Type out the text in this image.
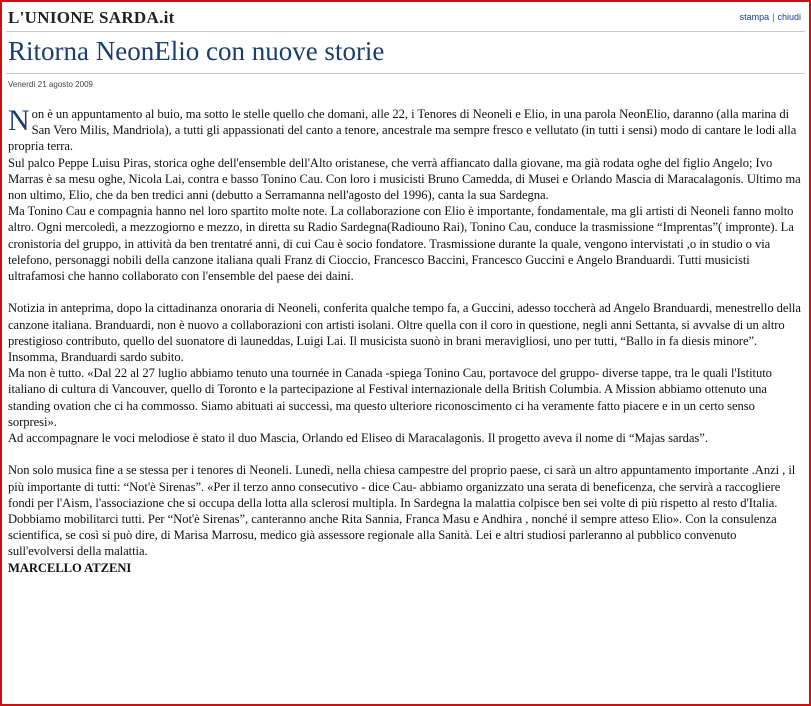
L'UNIONE SARDA.it	stampa | chiudi
Ritorna NeonElio con nuove storie
Venerdì 21 agosto 2009

Non è un appuntamento al buio, ma sotto le stelle quello che domani, alle 22, i Tenores di Neoneli e Elio, in una parola NeonElio, daranno (alla marina di San Vero Milis, Mandriola), a tutti gli appassionati del canto a tenore, ancestrale ma sempre fresco e vellutato (in tutti i sensi) modo di cantare le lodi alla propria terra.

Sul palco Peppe Luisu Piras, storica oghe dell'ensemble dell'Alto oristanese, che verrà affiancato dalla giovane, ma già rodata oghe del figlio Angelo; Ivo Marras è sa mesu oghe, Nicola Lai, contra e basso Tonino Cau. Con loro i musicisti Bruno Camedda, di Musei e Orlando Mascia di Maracalagonis. Ultimo ma non ultimo, Elio, che da ben tredici anni (debutto a Serramanna nell'agosto del 1996), canta la sua Sardegna.

Ma Tonino Cau e compagnia hanno nel loro spartito molte note. La collaborazione con Elio è importante, fondamentale, ma gli artisti di Neoneli fanno molto altro. Ogni mercoledì, a mezzogiorno e mezzo, in diretta su Radio Sardegna(Radiouno Rai), Tonino Cau, conduce la trasmissione “Imprentas”( impronte). La cronistoria del gruppo, in attività da ben trentatré anni, di cui Cau è socio fondatore. Trasmissione durante la quale, vengono intervistati ,o in studio o via telefono, personaggi nobili della canzone italiana quali Franz di Cioccio, Francesco Baccini, Francesco Guccini e Angelo Branduardi. Tutti musicisti ultrafamosi che hanno collaborato con l'ensemble del paese dei daini.

Notizia in anteprima, dopo la cittadinanza onoraria di Neoneli, conferita qualche tempo fa, a Guccini, adesso toccherà ad Angelo Branduardi, menestrello della canzone italiana. Branduardi, non è nuovo a collaborazioni con artisti isolani. Oltre quella con il coro in questione, negli anni Settanta, si avvalse di un altro prestigioso contributo, quello del suonatore di launeddas, Luigi Lai. Il musicista suonò in brani meravigliosi, uno per tutti, “Ballo in fa diesis minore”. Insomma, Branduardi sardo subito.

Ma non è tutto. «Dal 22 al 27 luglio abbiamo tenuto una tournée in Canada -spiega Tonino Cau, portavoce del gruppo- diverse tappe, tra le quali l'Istituto italiano di cultura di Vancouver, quello di Toronto e la partecipazione al Festival internazionale della British Columbia. A Mission abbiamo ottenuto una standing ovation che ci ha commosso. Siamo abituati ai successi, ma questo ulteriore riconoscimento ci ha veramente fatto piacere e in un certo senso sorpresi».

Ad accompagnare le voci melodiose è stato il duo Mascia, Orlando ed Eliseo di Maracalagonis. Il progetto aveva il nome di “Majas sardas”.

Non solo musica fine a se stessa per i tenores di Neoneli. Lunedì, nella chiesa campestre del proprio paese, ci sarà un altro appuntamento importante .Anzi , il più importante di tutti: “Not'è Sirenas”. «Per il terzo anno consecutivo - dice Cau- abbiamo organizzato una serata di beneficenza, che servirà a raccogliere fondi per l'Aism, l'associazione che si occupa della lotta alla sclerosi multipla. In Sardegna la malattia colpisce ben sei volte di più rispetto al resto d'Italia. Dobbiamo mobilitarci tutti. Per “Not'è Sirenas”, canteranno anche Rita Sannia, Franca Masu e Andhira , nonché il sempre atteso Elio». Con la consulenza scientifica, se così si può dire, di Marisa Marrosu, medico già assessore regionale alla Sanità. Lei e altri studiosi parleranno al pubblico convenuto sull'evolversi della malattia.

MARCELLO ATZENI
